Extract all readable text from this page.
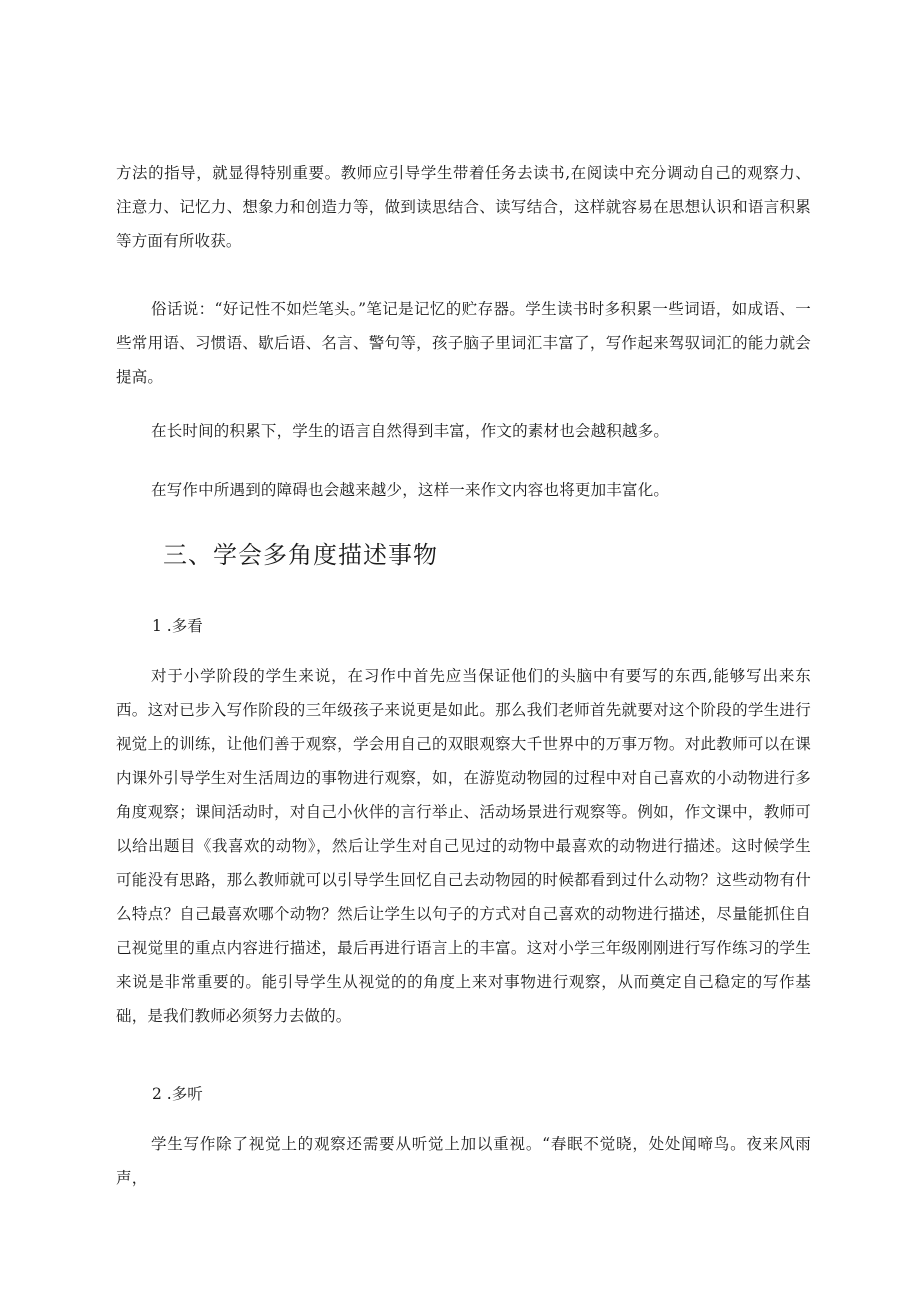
方法的指导，就显得特别重要。教师应引导学生带着任务去读书,在阅读中充分调动自己的观察力、注意力、记忆力、想象力和创造力等，做到读思结合、读写结合，这样就容易在思想认识和语言积累等方面有所收获。

俗话说：“好记性不如烂笔头。”笔记是记忆的贮存器。学生读书时多积累一些词语，如成语、一些常用语、习惯语、歇后语、名言、警句等，孩子脑子里词汇丰富了，写作起来驾驭词汇的能力就会提高。

在长时间的积累下，学生的语言自然得到丰富，作文的素材也会越积越多。

在写作中所遇到的障碍也会越来越少，这样一来作文内容也将更加丰富化。

三、学会多角度描述事物

1 .多看

对于小学阶段的学生来说，在习作中首先应当保证他们的头脑中有要写的东西,能够写出来东西。这对已步入写作阶段的三年级孩子来说更是如此。那么我们老师首先就要对这个阶段的学生进行视觉上的训练，让他们善于观察，学会用自己的双眼观察大千世界中的万事万物。对此教师可以在课内课外引导学生对生活周边的事物进行观察，如，在游览动物园的过程中对自己喜欢的小动物进行多角度观察；课间活动时，对自己小伙伴的言行举止、活动场景进行观察等。例如，作文课中，教师可以给出题目《我喜欢的动物》，然后让学生对自己见过的动物中最喜欢的动物进行描述。这时候学生可能没有思路，那么教师就可以引导学生回忆自己去动物园的时候都看到过什么动物？这些动物有什么特点？自己最喜欢哪个动物？然后让学生以句子的方式对自己喜欢的动物进行描述，尽量能抓住自己视觉里的重点内容进行描述，最后再进行语言上的丰富。这对小学三年级刚刚进行写作练习的学生来说是非常重要的。能引导学生从视觉的的角度上来对事物进行观察，从而奠定自己稳定的写作基础，是我们教师必须努力去做的。

2 .多听

学生写作除了视觉上的观察还需要从听觉上加以重视。“春眠不觉晓，处处闻啼鸟。夜来风雨声，
